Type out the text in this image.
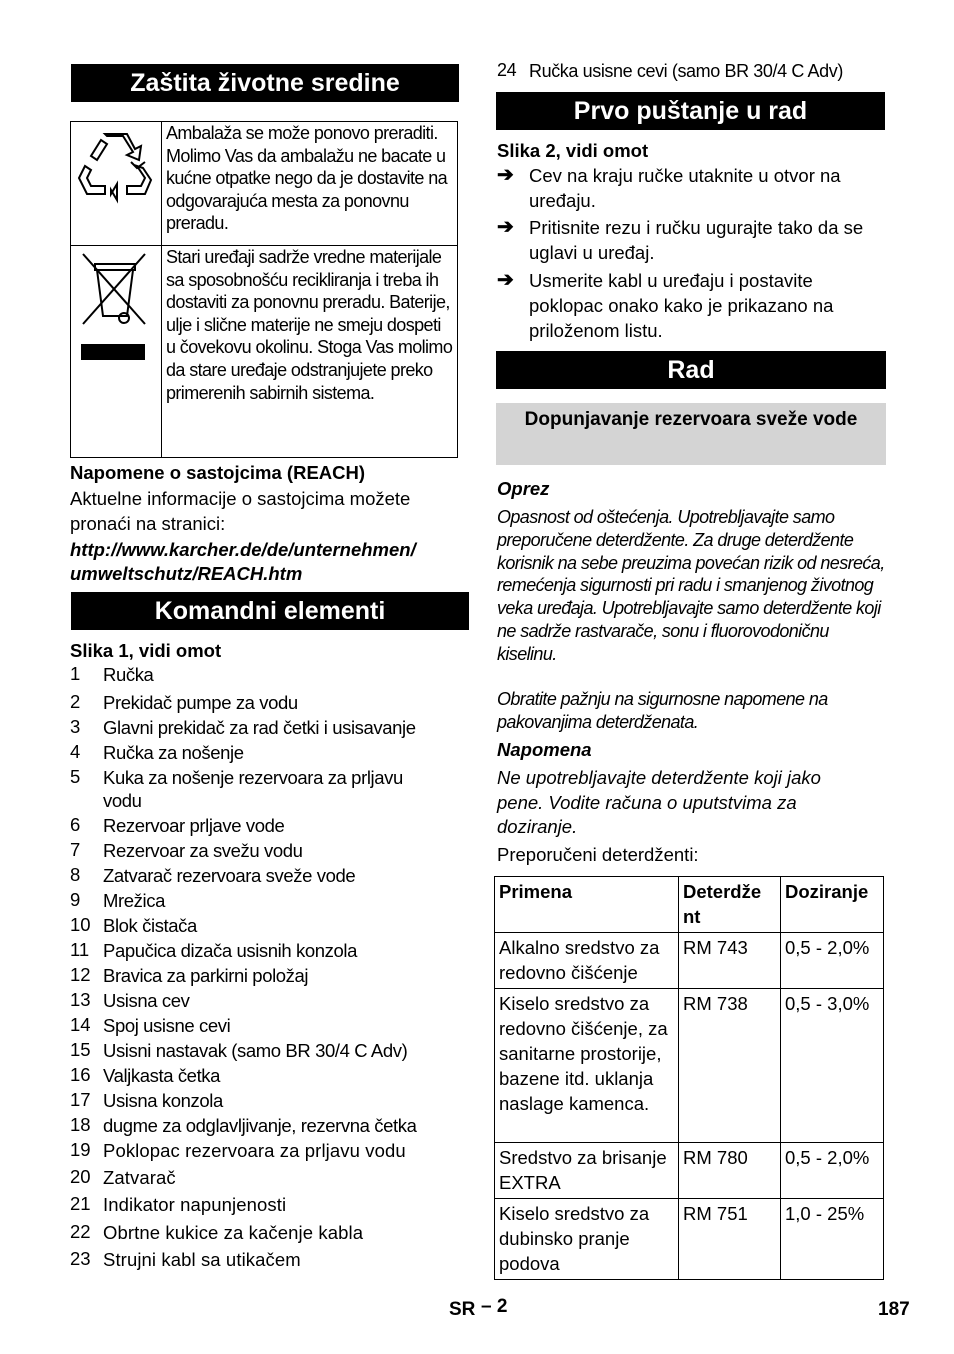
Zaštita životne sredine

Ambalaža se može ponovo preraditi. Molimo Vas da ambalažu ne bacate u kućne otpatke nego da je dostavite na odgovarajuća mesta za ponovnu preradu.

Stari uređaji sadrže vredne materijale sa sposobnošću recikliranja i treba ih dostaviti za ponovnu preradu. Baterije, ulje i slične materije ne smeju dospeti u čovekovu okolinu. Stoga Vas molimo da stare uređaje odstranjujete preko primerenih sabirnih sistema.
Napomene o sastojcima (REACH)
Aktuelne informacije o sastojcima možete pronaći na stranici:
http://www.karcher.de/de/unternehmen/
umweltschutz/REACH.htm
Komandni elementi
Slika 1, vidi omot
1 Ručka
2 Prekidač pumpe za vodu
3 Glavni prekidač za rad četki i usisavanje
4 Ručka za nošenje
5 Kuka za nošenje rezervoara za prljavu
vodu
6 Rezervoar prljave vode
7 Rezervoar za svežu vodu
8 Zatvarač rezervoara sveže vode
9 Mrežica
10 Blok čistača
11 Papučica dizača usisnih konzola
12 Bravica za parkirni položaj
13 Usisna cev
14 Spoj usisne cevi
15 Usisni nastavak (samo BR 30/4 C Adv)
16 Valjkasta četka
17 Usisna konzola
18 dugme za odglavljivanje, rezervna četka
19 Poklopac rezervoara za prljavu vodu
20 Zatvarač
21 Indikator napunjenosti
22 Obrtne kukice za kačenje kabla
23 Strujni kabl sa utikačem
24 Ručka usisne cevi (samo BR 30/4 C Adv)
Prvo puštanje u rad
Slika 2, vidi omot
➔ Cev na kraju ručke utaknite u otvor na uređaju.
➔ Pritisnite rezu i ručku ugurajte tako da se uglavi u uređaj.
➔ Usmerite kabl u uređaju i postavite poklopac onako kako je prikazano na priloženom listu.
Rad
Dopunjavanje rezervoara sveže vode
Oprez
Opasnost od oštećenja. Upotrebljavajte samo preporučene deterdžente. Za druge deterdžente korisnik na sebe preuzima povećan rizik od nesreća, remećenja sigurnosti pri radu i smanjenog životnog veka uređaja. Upotrebljavajte samo deterdžente koji ne sadrže rastvarače, sonu i fluorovodoničnu kiselinu.
Obratite pažnju na sigurnosne napomene na pakovanjima deterdženata.
Napomena
Ne upotrebljavajte deterdžente koji jako pene. Vodite računa o uputstvima za doziranje.
Preporučeni deterdženti:
Primena	Deterdže nt	Doziranje
Alkalno sredstvo za redovno čišćenje	RM 743	0,5 - 2,0%
Kiselo sredstvo za redovno čišćenje, za sanitarne prostorije, bazene itd. uklanja naslage kamenca.	RM 738	0,5 - 3,0%
Sredstvo za brisanje EXTRA	RM 780	0,5 - 2,0%
Kiselo sredstvo za dubinsko pranje podova	RM 751	1,0 - 25%
SR – 2	187
